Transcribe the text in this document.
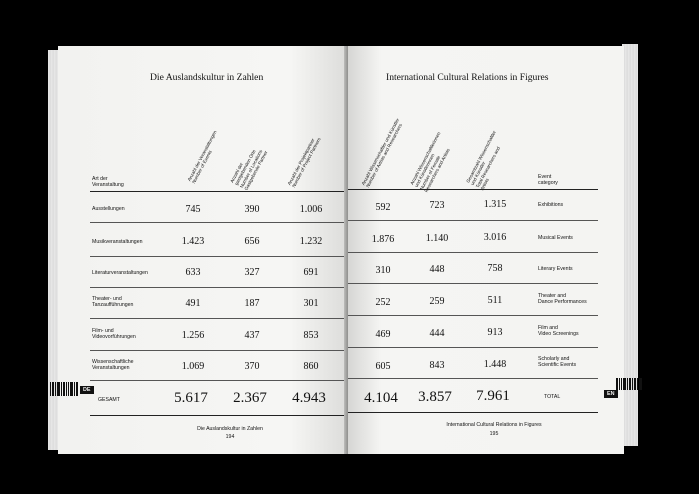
Die Auslandskultur in Zahlen
Anzahl der Veranstaltungen
Number of Events	Anzahl der
gastgebenden Orte
Number of Locations
Gastgebende Partner	Anzahl der Projektpartner
Number of Project Partners
Art der
Veranstaltung
Ausstellungen	745	390	1.006
Musikveranstaltungen	1.423	656	1.232
Literaturveranstaltungen	633	327	691
Theater- und
Tanzaufführungen	491	187	301
Film- und
Videovorführungen	1.256	437	853
Wissenschaftliche
Veranstaltungen	1.069	370	860
GESAMT	5.617	2.367	4.943
Die Auslandskultur in Zahlen
194
DE
International Cultural Relations in Figures
Anzahl Wissenschaftler und Künstler
Number of Artists and Researchers	Anzahl Wissenschaftlerinnen
und Künstlerinnen
Number of Female
Researchers and Artists	Gesamtzahl Wissenschaftler
und Künstler
Total Researchers and
Artists
Event
category
592	723	1.315	Exhibitions
1.876	1.140	3.016	Musical Events
310	448	758	Literary Events
252	259	511	Theater and
Dance Performances
469	444	913	Film and
Video Screenings
605	843	1.448	Scholarly and
Scientific Events
4.104	3.857	7.961	TOTAL
International Cultural Relations in Figures
195
EN
